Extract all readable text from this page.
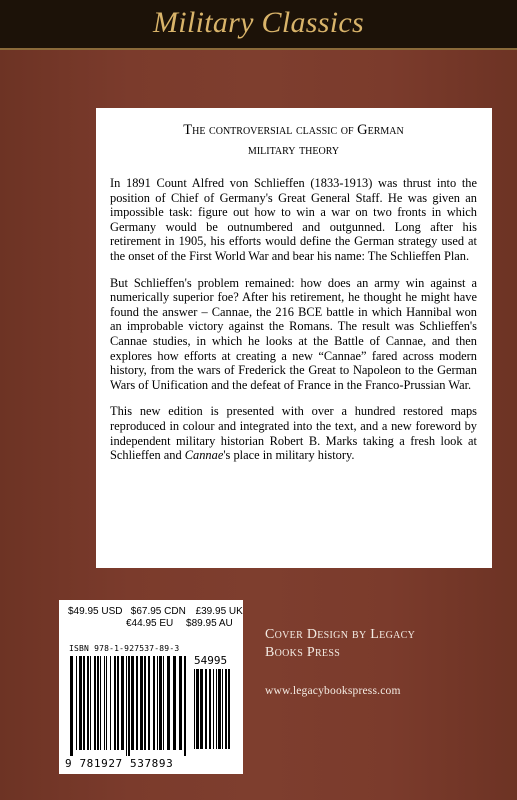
Military Classics
The controversial classic of German
military theory

In 1891 Count Alfred von Schlieffen (1833-1913) was thrust into the position of Chief of Germany's Great General Staff. He was given an impossible task: figure out how to win a war on two fronts in which Germany would be outnumbered and outgunned. Long after his retirement in 1905, his efforts would define the German strategy used at the onset of the First World War and bear his name: The Schlieffen Plan.

But Schlieffen's problem remained: how does an army win against a numerically superior foe? After his retirement, he thought he might have found the answer – Cannae, the 216 BCE battle in which Hannibal won an improbable victory against the Romans. The result was Schlieffen's Cannae studies, in which he looks at the Battle of Cannae, and then explores how efforts at creating a new “Cannae” fared across modern history, from the wars of Frederick the Great to Napoleon to the German Wars of Unification and the defeat of France in the Franco-Prussian War.

This new edition is presented with over a hundred restored maps reproduced in colour and integrated into the text, and a new foreword by independent military historian Robert B. Marks taking a fresh look at Schlieffen and Cannae's place in military history.

$49.95 USD $67.95 CDN £39.95 UK
€44.95 EU $89.95 AU
ISBN 978-1-927537-89-3
54995
9 781927 537893
Cover Design by Legacy
Books Press
www.legacybookspress.com
